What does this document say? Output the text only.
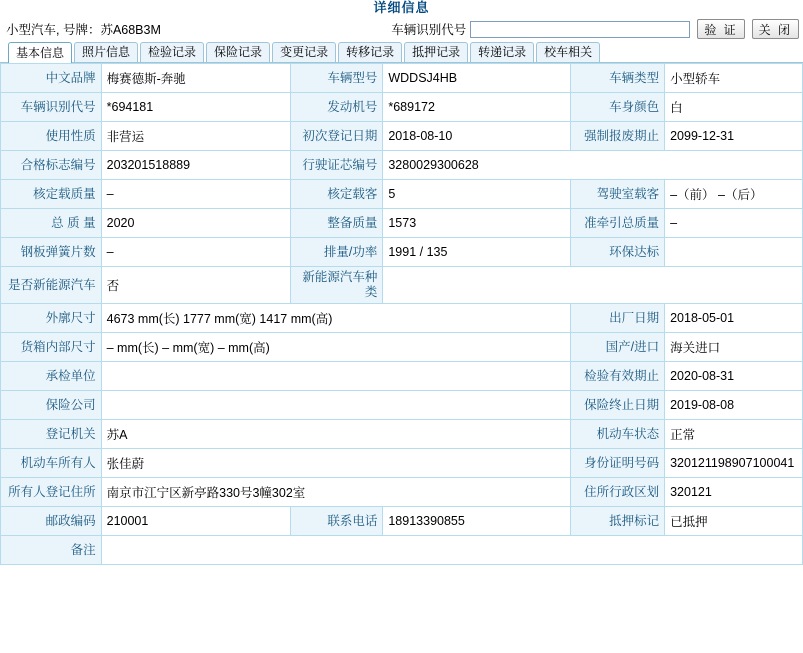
详细信息
小型汽车, 号牌：苏A68B3M	车辆识别代号	验 证	关 闭
基本信息	照片信息	检验记录	保险记录	变更记录	转移记录	抵押记录	转递记录	校车相关
中文品牌	梅赛德斯-奔驰	车辆型号	WDDSJ4HB	车辆类型	小型轿车
车辆识别代号	*694181	发动机号	*689172	车身颜色	白
使用性质	非营运	初次登记日期	2018-08-10	强制报废期止	2099-12-31
合格标志编号	203201518889	行驶证芯编号	3280029300628		
核定载质量	–	核定载客	5	驾驶室载客	–（前） –（后）
总 质 量	2020	整备质量	1573	准牵引总质量	–
钢板弹簧片数	–	排量/功率	1991 / 135	环保达标	
是否新能源汽车	否	新能源汽车种类			
外廓尺寸	4673 mm(长) 1777 mm(宽) 1417 mm(高)			出厂日期	2018-05-01
货箱内部尺寸	– mm(长) – mm(宽) – mm(高)			国产/进口	海关进口
承检单位				检验有效期止	2020-08-31
保险公司				保险终止日期	2019-08-08
登记机关	苏A			机动车状态	正常
机动车所有人	张佳蔚			身份证明号码	320121198907100041
所有人登记住所	南京市江宁区新亭路330号3幢302室			住所行政区划	320121
邮政编码	210001	联系电话	18913390855	抵押标记	已抵押
备注					
